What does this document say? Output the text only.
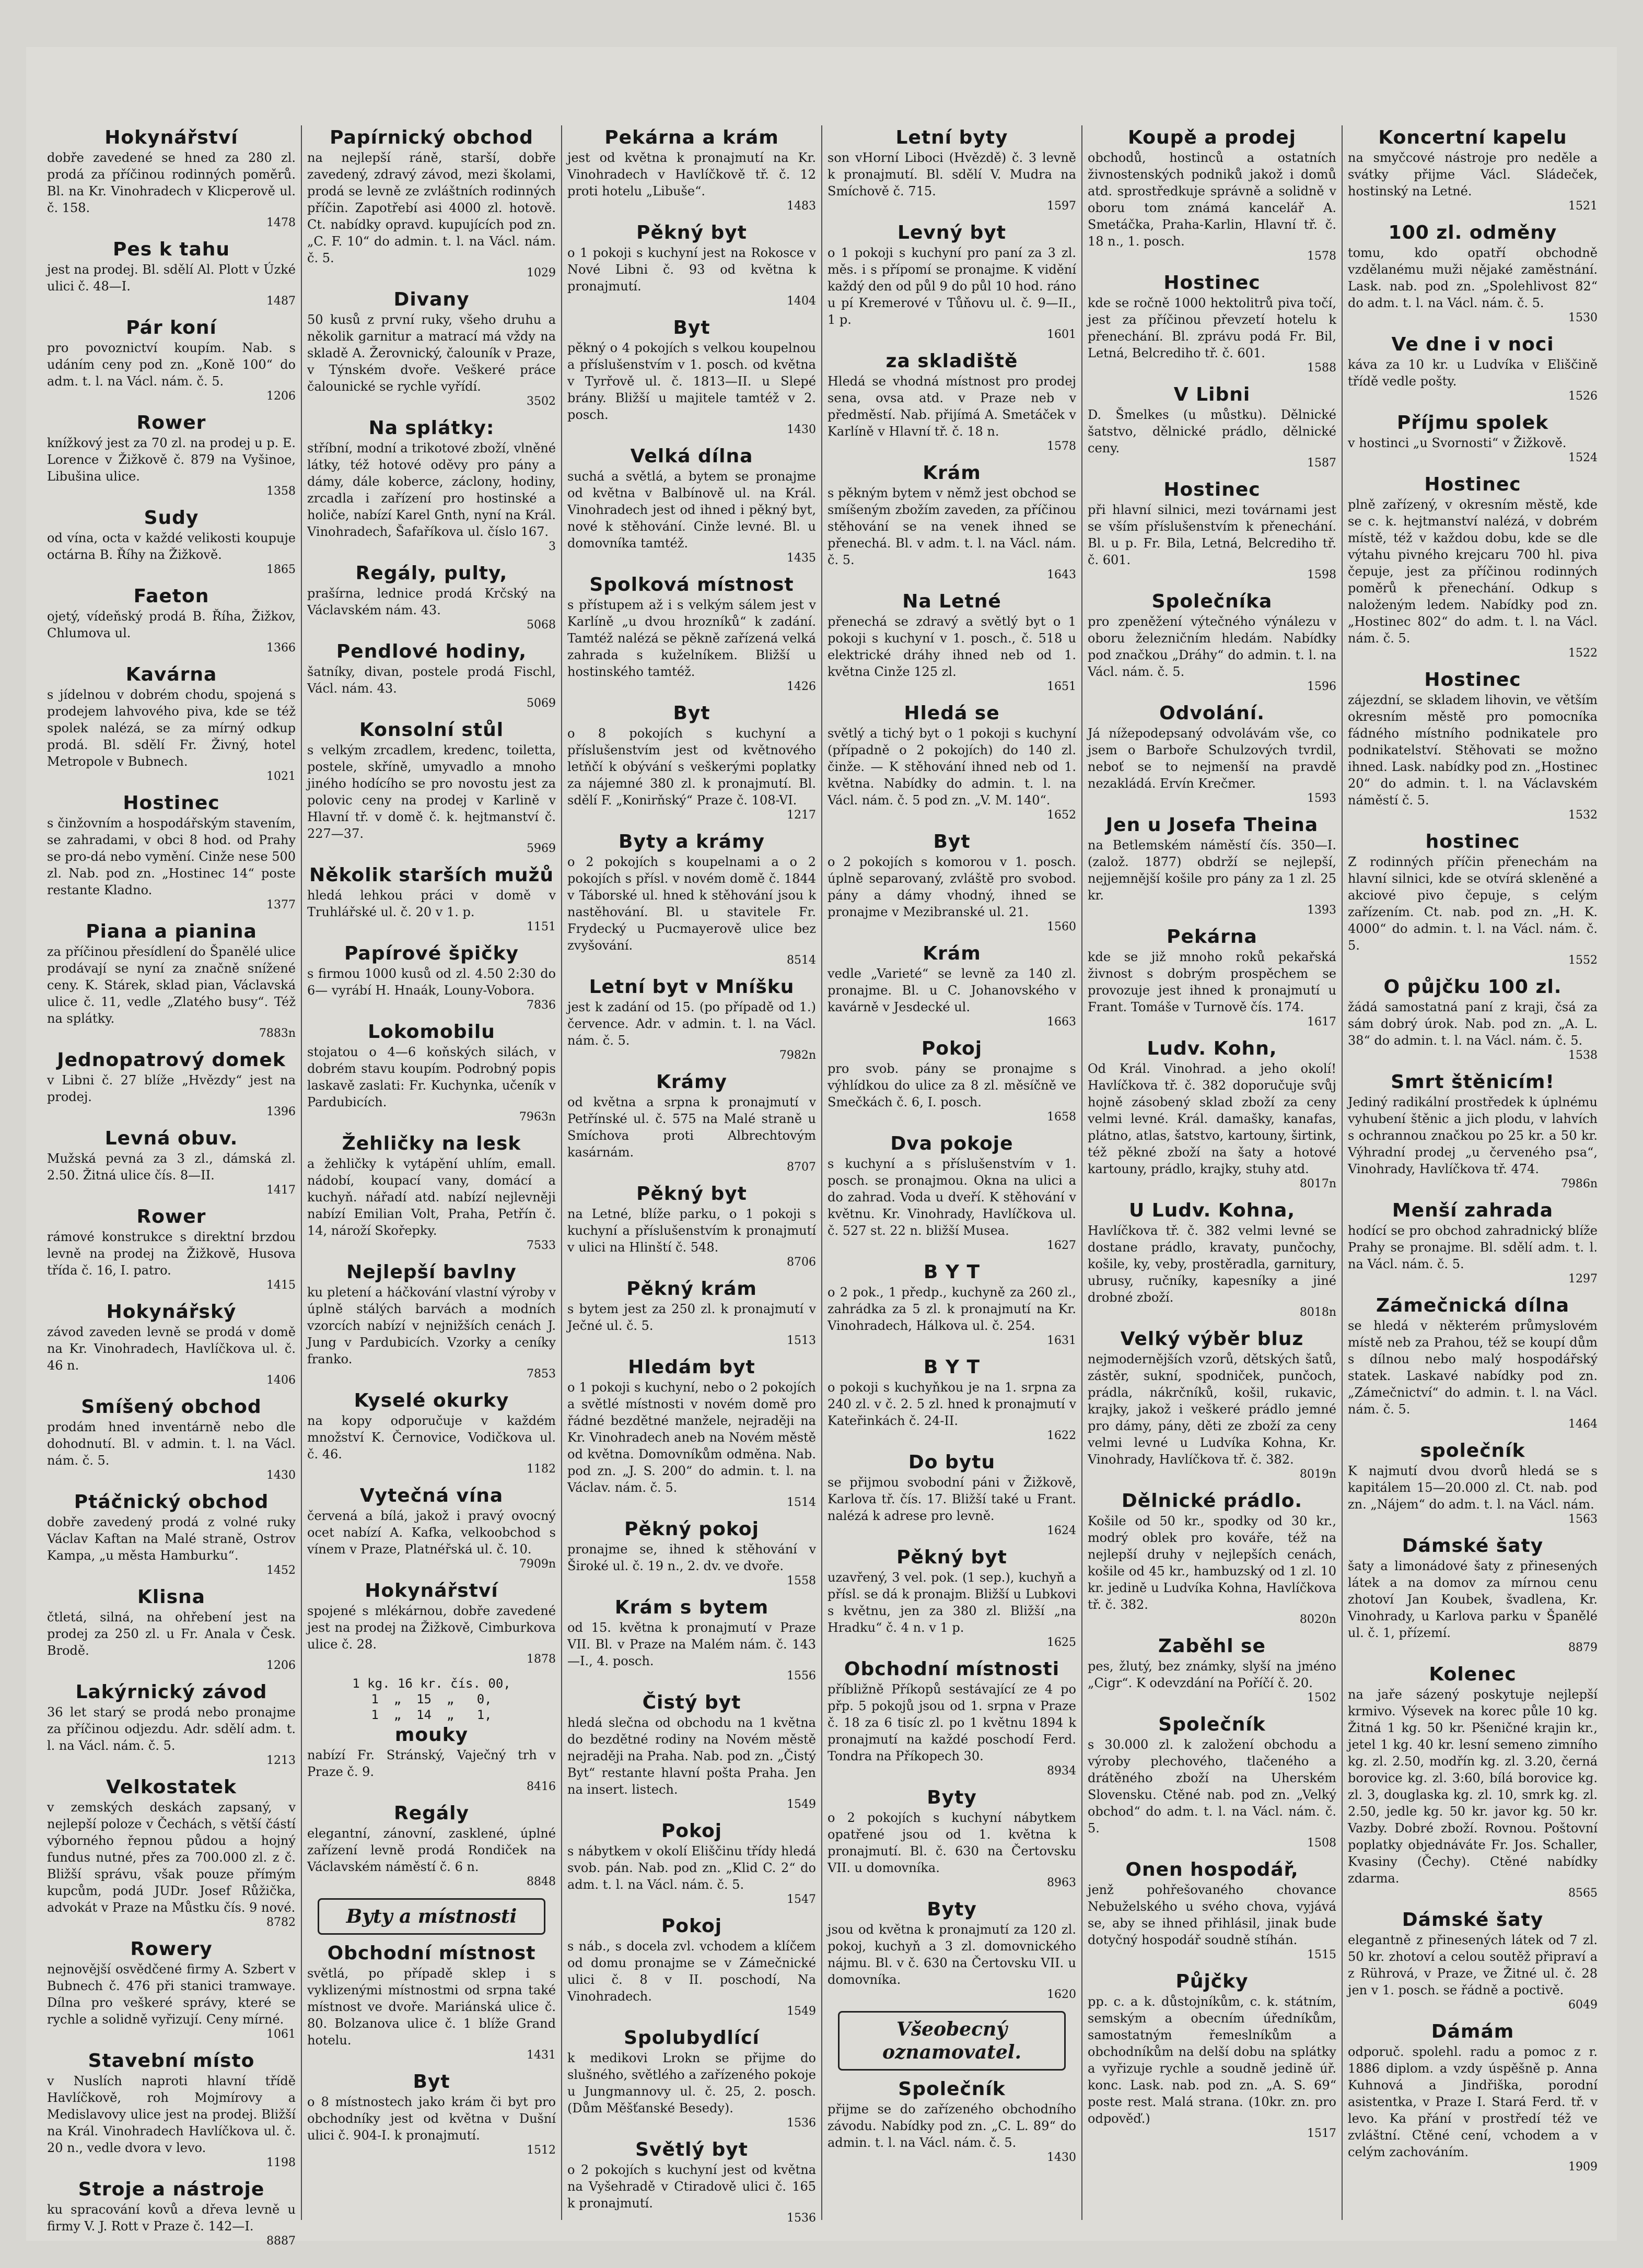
Hokynářství
dobře zavedené se hned za 280 zl. prodá za příčinou rodinných poměrů. Bl. na Kr. Vinohradech v Klicperově ul. č. 158.
1478
Pes k tahu
jest na prodej. Bl. sdělí Al. Plott v Úzké ulici č. 48—I.
1487
Pár koní
pro povoznictví koupím. Nab. s udáním ceny pod zn. „Koně 100“ do adm. t. l. na Václ. nám. č. 5.
1206
Rower
knížkový jest za 70 zl. na prodej u p. E. Lorence v Žižkově č. 879 na Vyšinoe, Libušina ulice.
1358
Sudy
od vína, octa v každé velikosti koupuje octárna B. Říhy na Žižkově.
1865
Faeton
ojetý, vídeňský prodá B. Říha, Žižkov, Chlumova ul.
1366
Kavárna
s jídelnou v dobrém chodu, spojená s prodejem lahvového piva, kde se též spolek nalézá, se za mírný odkup prodá. Bl. sdělí Fr. Živný, hotel Metropole v Bubnech.
1021
Hostinec
s činžovním a hospodářským stavením, se zahradami, v obci 8 hod. od Prahy se pro-dá nebo vymění. Cinže nese 500 zl. Nab. pod zn. „Hostinec 14“ poste restante Kladno.
1377
Piana a pianina
za příčinou přesídlení do Španělé ulice prodávají se nyní za značně snížené ceny. K. Stárek, sklad pian, Václavská ulice č. 11, vedle „Zlatého busy“. Též na splátky.
7883n
Jednopatrový domek
v Libni č. 27 blíže „Hvězdy“ jest na prodej.
1396
Levná obuv.
Mužská pevná za 3 zl., dámská zl. 2.50. Žitná ulice čís. 8—II.
1417
Rower
rámové konstrukce s direktní brzdou levně na prodej na Žižkově, Husova třída č. 16, I. patro.
1415
Hokynářský
závod zaveden levně se prodá v domě na Kr. Vinohradech, Havlíčkova ul. č. 46 n.
1406
Smíšený obchod
prodám hned inventárně nebo dle dohodnutí. Bl. v admin. t. l. na Václ. nám. č. 5.
1430
Ptáčnický obchod
dobře zavedený prodá z volné ruky Václav Kaftan na Malé straně, Ostrov Kampa, „u města Hamburku“.
1452
Klisna
čtletá, silná, na ohřebení jest na prodej za 250 zl. u Fr. Anala v Česk. Brodě.
1206
Lakýrnický závod
36 let starý se prodá nebo pronajme za příčinou odjezdu. Adr. sdělí adm. t. l. na Václ. nám. č. 5.
1213
Velkostatek
v zemských deskách zapsaný, v nejlepší poloze v Čechách, s větší částí výborného řepnou půdou a hojný fundus nutné, přes za 700.000 zl. z č. Bližší správu, však pouze přímým kupcům, podá JUDr. Josef Růžička, advokát v Praze na Můstku čís. 9 nové.
8782
Rowery
nejnovější osvědčené firmy A. Szbert v Bubnech č. 476 při stanici tramwaye. Dílna pro veškeré správy, které se rychle a solidně vyřizují. Ceny mírné.
1061
Stavební místo
v Nuslích naproti hlavní třídě Havlíčkově, roh Mojmírovy a Medislavovy ulice jest na prodej. Bližší na Král. Vinohradech Havlíčkova ul. č. 20 n., vedle dvora v levo.
1198
Stroje a nástroje
ku spracování kovů a dřeva levně u firmy V. J. Rott v Praze č. 142—I.
8887
Papírnický obchod
na nejlepší ráně, starší, dobře zavedený, zdravý závod, mezi školami, prodá se levně ze zvláštních rodinných příčin. Zapotřebí asi 4000 zl. hotově. Ct. nabídky opravd. kupujících pod zn. „C. F. 10“ do admin. t. l. na Václ. nám. č. 5.
1029
Divany
50 kusů z první ruky, všeho druhu a několik garnitur a matrací má vždy na skladě A. Žerovnický, čalouník v Praze, v Týnském dvoře. Veškeré práce čalounické se rychle vyřídí.
3502
Na splátky:
stříbní, modní a trikotové zboží, vlněné látky, též hotové oděvy pro pány a dámy, dále koberce, záclony, hodiny, zrcadla i zařízení pro hostinské a holiče, nabízí Karel Gnth, nyní na Král. Vinohradech, Šafaříkova ul. číslo 167.
3
Regály, pulty,
prašírna, lednice prodá Krčský na Václavském nám. 43.
5068
Pendlové hodiny,
šatníky, divan, postele prodá Fischl, Václ. nám. 43.
5069
Konsolní stůl
s velkým zrcadlem, kredenc, toiletta, postele, skříně, umyvadlo a mnoho jiného hodícího se pro novostu jest za polovic ceny na prodej v Karlině v Hlavní tř. v domě č. k. hejtmanství č. 227—37.
5969
Několik starších mužů
hledá lehkou práci v domě v Truhlářské ul. č. 20 v 1. p.
1151
Papírové špičky
s firmou 1000 kusů od zl. 4.50 2:30 do 6— vyrábí H. Hnaák, Louny-Vobora.
7836
Lokomobilu
stojatou o 4—6 koňských silách, v dobrém stavu koupím. Podrobný popis laskavě zaslati: Fr. Kuchynka, učeník v Pardubicích.
7963n
Žehličky na lesk
a žehličky k vytápění uhlím, emall. nádobí, koupací vany, domácí a kuchyň. nářadí atd. nabízí nejlevněji nabízí Emilian Volt, Praha, Petřín č. 14, nároží Skořepky.
7533
Nejlepší bavlny
ku pletení a háčkování vlastní výroby v úplně stálých barvách a modních vzorcích nabízí v nejnižších cenách J. Jung v Pardubicích. Vzorky a ceníky franko.
7853
Kyselé okurky
na kopy odporučuje v každém množství K. Černovice, Vodičkova ul. č. 46.
1182
Vytečná vína
červená a bílá, jakož i pravý ovocný ocet nabízí A. Kafka, velkoobchod s vínem v Praze, Platnéřská ul. č. 10.
7909n
Hokynářství
spojené s mlékárnou, dobře zavedené jest na prodej na Žižkově, Cimburkova ulice č. 28.
1878
1 kg. 16 kr. čís. 00,
1  „  15  „   0,
1  „  14  „   1,
mouky
nabízí Fr. Stránský, Vaječný trh v Praze č. 9.
8416
Regály
elegantní, zánovní, zasklené, úplné zařízení levně prodá Rondiček na Václavském náměstí č. 6 n.
8848
Byty a místnosti
Obchodní místnost
světlá, po případě sklep i s vyklizenými místnostmi od srpna také místnost ve dvoře. Mariánská ulice č. 80. Bolzanova ulice č. 1 blíže Grand hotelu.
1431
Byt
o 8 místnostech jako krám či byt pro obchodníky jest od května v Dušní ulici č. 904-I. k pronajmutí.
1512
Pekárna a krám
jest od května k pronajmutí na Kr. Vinohradech v Havlíčkově tř. č. 12 proti hotelu „Libuše“.
1483
Pěkný byt
o 1 pokoji s kuchyní jest na Rokosce v Nové Libni č. 93 od května k pronajmutí.
1404
Byt
pěkný o 4 pokojích s velkou koupelnou a příslušenstvím v 1. posch. od května v Tyrřově ul. č. 1813—II. u Slepé brány. Bližší u majitele tamtéž v 2. posch.
1430
Velká dílna
suchá a světlá, a bytem se pronajme od května v Balbínově ul. na Král. Vinohradech jest od ihned i pěkný byt, nové k stěhování. Cinže levné. Bl. u domovníka tamtéž.
1435
Spolková místnost
s přístupem až i s velkým sálem jest v Karlíně „u dvou hrozníků“ k zadání. Tamtéž nalézá se pěkně zařízená velká zahrada s kuželníkem. Bližší u hostinského tamtéž.
1426
Byt
o 8 pokojích s kuchyní a příslušenstvím jest od květnového letňčí k obývání s veškerými poplatky za nájemné 380 zl. k pronajmutí. Bl. sdělí F. „Konirňský“ Praze č. 108-VI.
1217
Byty a krámy
o 2 pokojích s koupelnami a o 2 pokojích s přísl. v novém domě č. 1844 v Táborské ul. hned k stěhování jsou k nastěhování. Bl. u stavitele Fr. Frydecký u Pucmayerově ulice bez zvyšování.
8514
Letní byt v Mníšku
jest k zadání od 15. (po případě od 1.) července. Adr. v admin. t. l. na Václ. nám. č. 5.
7982n
Krámy
od května a srpna k pronajmutí v Petřínské ul. č. 575 na Malé straně u Smíchova proti Albrechtovým kasárnám.
8707
Pěkný byt
na Letné, blíže parku, o 1 pokoji s kuchyní a příslušenstvím k pronajmutí v ulici na Hlinští č. 548.
8706
Pěkný krám
s bytem jest za 250 zl. k pronajmutí v Ječné ul. č. 5.
1513
Hledám byt
o 1 pokoji s kuchyní, nebo o 2 pokojích a světlé místnosti v novém domě pro řádné bezdětné manžele, nejraději na Kr. Vinohradech aneb na Novém městě od května. Domovníkům odměna. Nab. pod zn. „J. S. 200“ do admin. t. l. na Václav. nám. č. 5.
1514
Pěkný pokoj
pronajme se, ihned k stěhování v Široké ul. č. 19 n., 2. dv. ve dvoře.
1558
Krám s bytem
od 15. května k pronajmutí v Praze VII. Bl. v Praze na Malém nám. č. 143—I., 4. posch.
1556
Čistý byt
hledá slečna od obchodu na 1 května do bezdětné rodiny na Novém městě nejraději na Praha. Nab. pod zn. „Čistý Byt“ restante hlavní pošta Praha. Jen na insert. listech.
1549
Pokoj
s nábytkem v okolí Eliščinu třídy hledá svob. pán. Nab. pod zn. „Klid C. 2“ do adm. t. l. na Václ. nám. č. 5.
1547
Pokoj
s náb., s docela zvl. vchodem a klíčem od domu pronajme se v Zámečnické ulici č. 8 v II. poschodí, Na Vinohradech.
1549
Spolubydlící
k medikovi Lrokn se přijme do slušného, světlého a zařízeného pokoje u Jungmannovy ul. č. 25, 2. posch. (Dům Měšťanské Besedy).
1536
Světlý byt
o 2 pokojích s kuchyní jest od května na Vyšehradě v Ctiradově ulici č. 165 k pronajmutí.
1536
Letní byty
son vHorní Liboci (Hvězdě) č. 3 levně k pronajmutí. Bl. sdělí V. Mudra na Smíchově č. 715.
1597
Levný byt
o 1 pokoji s kuchyní pro paní za 3 zl. měs. i s přípomí se pronajme. K vidění každý den od půl 9 do půl 10 hod. ráno u pí Kremerové v Tůňovu ul. č. 9—II., 1 p.
1601
za skladiště
Hledá se vhodná místnost pro prodej sena, ovsa atd. v Praze neb v předměstí. Nab. přijímá A. Smetáček v Karlíně v Hlavní tř. č. 18 n.
1578
Krám
s pěkným bytem v němž jest obchod se smíšeným zbožím zaveden, za příčinou stěhování se na venek ihned se přenechá. Bl. v adm. t. l. na Václ. nám. č. 5.
1643
Na Letné
přenechá se zdravý a světlý byt o 1 pokoji s kuchyní v 1. posch., č. 518 u elektrické dráhy ihned neb od 1. května Cinže 125 zl.
1651
Hledá se
světlý a tichý byt o 1 pokoji s kuchyní (případně o 2 pokojích) do 140 zl. činže. — K stěhování ihned neb od 1. května. Nabídky do admin. t. l. na Václ. nám. č. 5 pod zn. „V. M. 140“.
1652
Byt
o 2 pokojích s komorou v 1. posch. úplně separovaný, zvláště pro svobod. pány a dámy vhodný, ihned se pronajme v Mezibranské ul. 21.
1560
Krám
vedle „Varieté“ se levně za 140 zl. pronajme. Bl. u C. Johanovského v kavárně v Jesdecké ul.
1663
Pokoj
pro svob. pány se pronajme s výhlídkou do ulice za 8 zl. měsíčně ve Smečkách č. 6, I. posch.
1658
Dva pokoje
s kuchyní a s příslušenstvím v 1. posch. se pronajmou. Okna na ulici a do zahrad. Voda u dveří. K stěhování v květnu. Kr. Vinohrady, Havlíčkova ul. č. 527 st. 22 n. bližší Musea.
1627
B Y T
o 2 pok., 1 předp., kuchyně za 260 zl., zahrádka za 5 zl. k pronajmutí na Kr. Vinohradech, Hálkova ul. č. 254.
1631
B Y T
o pokoji s kuchyňkou je na 1. srpna za 240 zl. v č. 2. 5 zl. hned k pronajmutí v Kateřinkách č. 24-II.
1622
Do bytu
se přijmou svobodní páni v Žižkově, Karlova tř. čís. 17. Bližší také u Frant. nalézá k adrese pro levně.
1624
Pěkný byt
uzavřený, 3 vel. pok. (1 sep.), kuchyň a přísl. se dá k pronajm. Bližší u Lubkovi s květnu, jen za 380 zl. Bližší „na Hradku“ č. 4 n. v 1 p.
1625
Obchodní místnosti
příbližně Příkopů sestávající ze 4 po přp. 5 pokojů jsou od 1. srpna v Praze č. 18 za 6 tisíc zl. po 1 květnu 1894 k pronajmutí na každé poschodí Ferd. Tondra na Příkopech 30.
8934
Byty
o 2 pokojích s kuchyní nábytkem opatřené jsou od 1. května k pronajmutí. Bl. č. 630 na Čertovsku VII. u domovníka.
8963
Byty
jsou od května k pronajmutí za 120 zl. pokoj, kuchyň a 3 zl. domovnického nájmu. Bl. v č. 630 na Čertovsku VII. u domovníka.
1620
Všeobecný oznamovatel.
Společník
přijme se do zařízeného obchodního závodu. Nabídky pod zn. „C. L. 89“ do admin. t. l. na Václ. nám. č. 5.
1430
Koupě a prodej
obchodů, hostinců a ostatních živnostenských podniků jakož i domů atd. sprostředkuje správně a solidně v oboru tom známá kancelář A. Smetáčka, Praha-Karlin, Hlavní tř. č. 18 n., 1. posch.
1578
Hostinec
kde se ročně 1000 hektolitrů piva točí, jest za příčinou převzetí hotelu k přenechání. Bl. zprávu podá Fr. Bil, Letná, Belcrediho tř. č. 601.
1588
V Libni
D. Šmelkes (u můstku). Dělnické šatstvo, dělnické prádlo, dělnické ceny.
1587
Hostinec
při hlavní silnici, mezi továrnami jest se vším příslušenstvím k přenechání. Bl. u p. Fr. Bila, Letná, Belcrediho tř. č. 601.
1598
Společníka
pro zpeněžení výtečného výnálezu v oboru železničním hledám. Nabídky pod značkou „Dráhy“ do admin. t. l. na Václ. nám. č. 5.
1596
Odvolání.
Já nížepodepsaný odvolávám vše, co jsem o Barboře Schulzových tvrdil, neboť se to nejmenší na pravdě nezakládá. Ervín Krečmer.
1593
Jen u Josefa Theina
na Betlemském náměstí čís. 350—I. (založ. 1877) obdrží se nejlepší, nejjemnější košile pro pány za 1 zl. 25 kr.
1393
Pekárna
kde se již mnoho roků pekařská živnost s dobrým prospěchem se provozuje jest ihned k pronajmutí u Frant. Tomáše v Turnově čís. 174.
1617
Ludv. Kohn,
Od Král. Vinohrad. a jeho okolí! Havlíčkova tř. č. 382 doporučuje svůj hojně zásobený sklad zboží za ceny velmi levné. Král. damašky, kanafas, plátno, atlas, šatstvo, kartouny, širtink, též pěkné zboží na šaty a hotové kartouny, prádlo, krajky, stuhy atd.
8017n
U Ludv. Kohna,
Havlíčkova tř. č. 382 velmi levné se dostane prádlo, kravaty, punčochy, košile, ky, veby, prostěradla, garnitury, ubrusy, ručníky, kapesníky a jiné drobné zboží.
8018n
Velký výběr bluz
nejmodernějších vzorů, dětských šatů, zástěr, sukní, spodniček, punčoch, prádla, nákrčníků, košil, rukavic, krajky, jakož i veškeré prádlo jemné pro dámy, pány, děti ze zboží za ceny velmi levné u Ludvíka Kohna, Kr. Vinohrady, Havlíčkova tř. č. 382.
8019n
Dělnické prádlo.
Košile od 50 kr., spodky od 30 kr., modrý oblek pro kováře, též na nejlepší druhy v nejlepších cenách, košile od 45 kr., hambuzský od 1 zl. 10 kr. jedině u Ludvíka Kohna, Havlíčkova tř. č. 382.
8020n
Zaběhl se
pes, žlutý, bez známky, slyší na jméno „Cigr“. K odevzdání na Poříčí č. 20.
1502
Společník
s 30.000 zl. k založení obchodu a výroby plechového, tlačeného a drátěného zboží na Uherském Slovensku. Ctěné nab. pod zn. „Velký obchod“ do adm. t. l. na Václ. nám. č. 5.
1508
Onen hospodář,
jenž pohřešovaného chovance Nebuželského u svého chova, vyjává se, aby se ihned přihlásil, jinak bude dotyčný hospodář soudně stíhán.
1515
Půjčky
pp. c. a k. důstojníkům, c. k. státním, semským a obecním úředníkům, samostatným řemeslníkům a obchodníkům na delší dobu na splátky a vyřizuje rychle a soudně jedině úř. konc. Lask. nab. pod zn. „A. S. 69“ poste rest. Malá strana. (10kr. zn. pro odpověď.)
1517
Koncertní kapelu
na smyčcové nástroje pro neděle a svátky přijme Václ. Sládeček, hostinský na Letné.
1521
100 zl. odměny
tomu, kdo opatří obchodně vzdělanému muži nějaké zaměstnání. Lask. nab. pod zn. „Spolehlivost 82“ do adm. t. l. na Václ. nám. č. 5.
1530
Ve dne i v noci
káva za 10 kr. u Ludvíka v Eliščině třídě vedle pošty.
1526
Příjmu spolek
v hostinci „u Svornosti“ v Žižkově.
1524
Hostinec
plně zařízený, v okresním městě, kde se c. k. hejtmanství nalézá, v dobrém místě, též v každou dobu, kde se dle výtahu pivného krejcaru 700 hl. piva čepuje, jest za příčinou rodinných poměrů k přenechání. Odkup s naloženým ledem. Nabídky pod zn. „Hostinec 802“ do adm. t. l. na Václ. nám. č. 5.
1522
Hostinec
zájezdní, se skladem lihovin, ve větším okresním městě pro pomocníka fádného místního podnikatele pro podnikatelství. Stěhovati se možno ihned. Lask. nabídky pod zn. „Hostinec 20“ do admin. t. l. na Václavském náměstí č. 5.
1532
hostinec
Z rodinných příčin přenechám na hlavní silnici, kde se otvírá skleněné a akciové pivo čepuje, s celým zařízením. Ct. nab. pod zn. „H. K. 4000“ do admin. t. l. na Václ. nám. č. 5.
1552
O půjčku 100 zl.
žádá samostatná paní z kraji, čsá za sám dobrý úrok. Nab. pod zn. „A. L. 38“ do admin. t. l. na Václ. nám. č. 5.
1538
Smrt štěnicím!
Jediný radikální prostředek k úplnému vyhubení štěnic a jich plodu, v lahvích s ochrannou značkou po 25 kr. a 50 kr. Výhradní prodej „u červeného psa“, Vinohrady, Havlíčkova tř. 474.
7986n
Menší zahrada
hodící se pro obchod zahradnický blíže Prahy se pronajme. Bl. sdělí adm. t. l. na Václ. nám. č. 5.
1297
Zámečnická dílna
se hledá v některém průmyslovém místě neb za Prahou, též se koupí dům s dílnou nebo malý hospodářský statek. Laskavé nabídky pod zn. „Zámečnictví“ do admin. t. l. na Václ. nám. č. 5.
1464
společník
K najmutí dvou dvorů hledá se s kapitálem 15—20.000 zl. Ct. nab. pod zn. „Nájem“ do adm. t. l. na Václ. nám.
1563
Dámské šaty
šaty a limonádové šaty z přinesených látek a na domov za mírnou cenu zhotoví Jan Koubek, švadlena, Kr. Vinohrady, u Karlova parku v Španělé ul. č. 1, přízemí.
8879
Kolenec
na jaře sázený poskytuje nejlepší krmivo. Výsevek na korec půle 10 kg. Žitná 1 kg. 50 kr. Pšeničné krajin kr., jetel 1 kg. 40 kr. lesní semeno zimního kg. zl. 2.50, modřín kg. zl. 3.20, černá borovice kg. zl. 3:60, bílá borovice kg. zl. 3, douglaska kg. zl. 10, smrk kg. zl. 2.50, jedle kg. 50 kr. javor kg. 50 kr. Vazby. Dobré zboží. Rovnou. Poštovní poplatky objednáváte Fr. Jos. Schaller, Kvasiny (Čechy). Ctěné nabídky zdarma.
8565
Dámské šaty
elegantně z přinesených látek od 7 zl. 50 kr. zhotoví a celou soutěž připraví a z Rührová, v Praze, ve Žitné ul. č. 28 jen v 1. posch. se řádně a poctivě.
6049
Dámám
odporuč. spolehl. radu a pomoc z r. 1886 diplom. a vzdy úspěšně p. Anna Kuhnová a Jindřiška, porodní asistentka, v Praze I. Stará Ferd. tř. v levo. Ka přání v prostředí též ve zvláštní. Ctěné cení, vchodem a v celým zachováním.
1909
